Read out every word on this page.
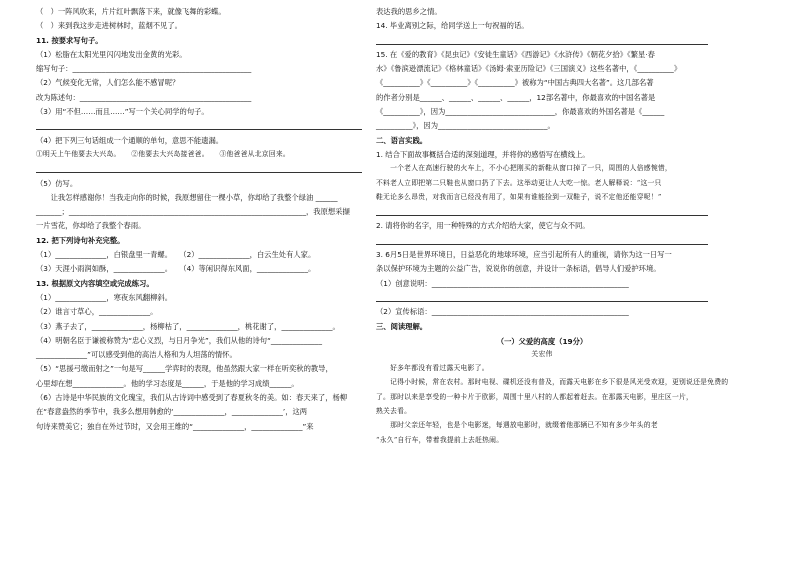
（　）一阵风吹来，片片红叶飘落下来，就像飞舞的彩蝶。
（　）来到我这步走进树林时，蓝烟不见了。
11. 按要求写句子。
（1）松脂在太阳光里闪闪地发出金黄的光彩。
缩写句子：_________________________________________________
（2）气候变化无常，人们怎么能不感冒呢？
改为陈述句：_______________________________________________
（3）用“不但……而且……”写一个关心同学的句子。
（4）把下列三句话组成一个通顺的单句，意思不能遗漏。
①明天上午他要去大兴岛。　　②他要去大兴岛接爸爸。　　③他爸爸从北京回来。
（5）仿写。
　　让我怎样感谢你！当我走向你的时候，我原想留住一棵小草，你却给了我整个绿油 ______
_______；_________________________________________________________________，我原想采撷
一片雪花，你却给了我整个春雨。
12. 把下列诗句补充完整。
（1）______________，白银盘里一青螺。　　（2）______________，白云生处有人家。
（3）天涯小雨润如酥，______________。　　（4）等闲识得东风面，______________。
13. 根据原文内容填空或完成练习。
（1）______________，寒夜东风翻柳斜。
（2）谁言寸草心，______________。
（3）燕子去了，______________，杨柳枯了，______________，桃花谢了，______________。
（4）明朝名臣于谦被称赞为“忠心义烈，与日月争光”，我们从他的诗句“______________
______________”可以感受到他的高洁人格和为人坦荡的情怀。
（5）“思援弓缴而射之”一句是写______学弈时的表现，他虽然跟大家一样在听奕秋的教导，
心里却在想______________。他的学习态度是______，于是他的学习成绩______。
（6）古诗是中华民族的文化瑰宝，我们从古诗词中感受到了春夏秋冬的美。如：春天来了，杨柳
在“春意盎然的季节中，我多么想用韩愈的‘______________，______________’，这两
句诗来赞美它；独自在外过节时，又会用王维的“______________，______________”来
表达我的思乡之情。
14. 毕业离别之际，给同学送上一句祝福的话。
15. 在《爱的教育》《昆虫记》《安徒生童话》《西游记》《水浒传》《朝花夕拾》《繁星·春
水》《鲁滨逊漂流记》《格林童话》《汤姆·索亚历险记》《三国演义》这些名著中，《__________》
《__________》《__________》《__________》被称为“中国古典四大名著”。这几部名著
的作者分别是______、______、______、______，12部名著中，你最喜欢的中国名著是
《__________》，因为______________________________，你最喜欢的外国名著是《______
__________》，因为______________________________。
二、语言实践。
1. 结合下面故事概括合适的深刻道理，并将你的感悟写在横线上。
　　一个老人在高速行驶的火车上，不小心把刚买的新鞋从窗口掉了一只，周围的人倍感惋惜，
不料老人立即把第二只鞋也从窗口扔了下去。这举动更让人大吃一惊。老人解释说：“这一只
鞋无论多么昂贵，对我而言已经没有用了，如果有谁能捡到一双鞋子，说不定他还能穿呢！”
2. 请将你的名字，用一种特殊的方式介绍给大家，使它与众不同。
3. 6月5日是世界环境日，日益恶化的地球环境，应当引起所有人的重视，请你为这一日写一
条以保护环境为主题的公益广告，说说你的创意，并设计一条标语，倡导人们爱护环境。
（1）创意说明：______________________________________________________
（2）宣传标语：______________________________________________________
三、阅读理解。
（一）父爱的高度（19分）
关宏伟
　　好多年都没有看过露天电影了。
　　记得小时候，常在农村。那时电视、碟机还没有普及，而露天电影在乡下很是风光受欢迎，更别说还是免费的
了。那时以来是享受的一种卡片于欧影，周围十里八村的人都起着赶去。在那露天电影，里庄区一片，
熟关去看。
　　那时父亲还年轻，也是个电影迷，每遇放电影时，就缀着他那辆已不知有多少年头的老
“永久”自行车，带着我提前上去赶热闹。
